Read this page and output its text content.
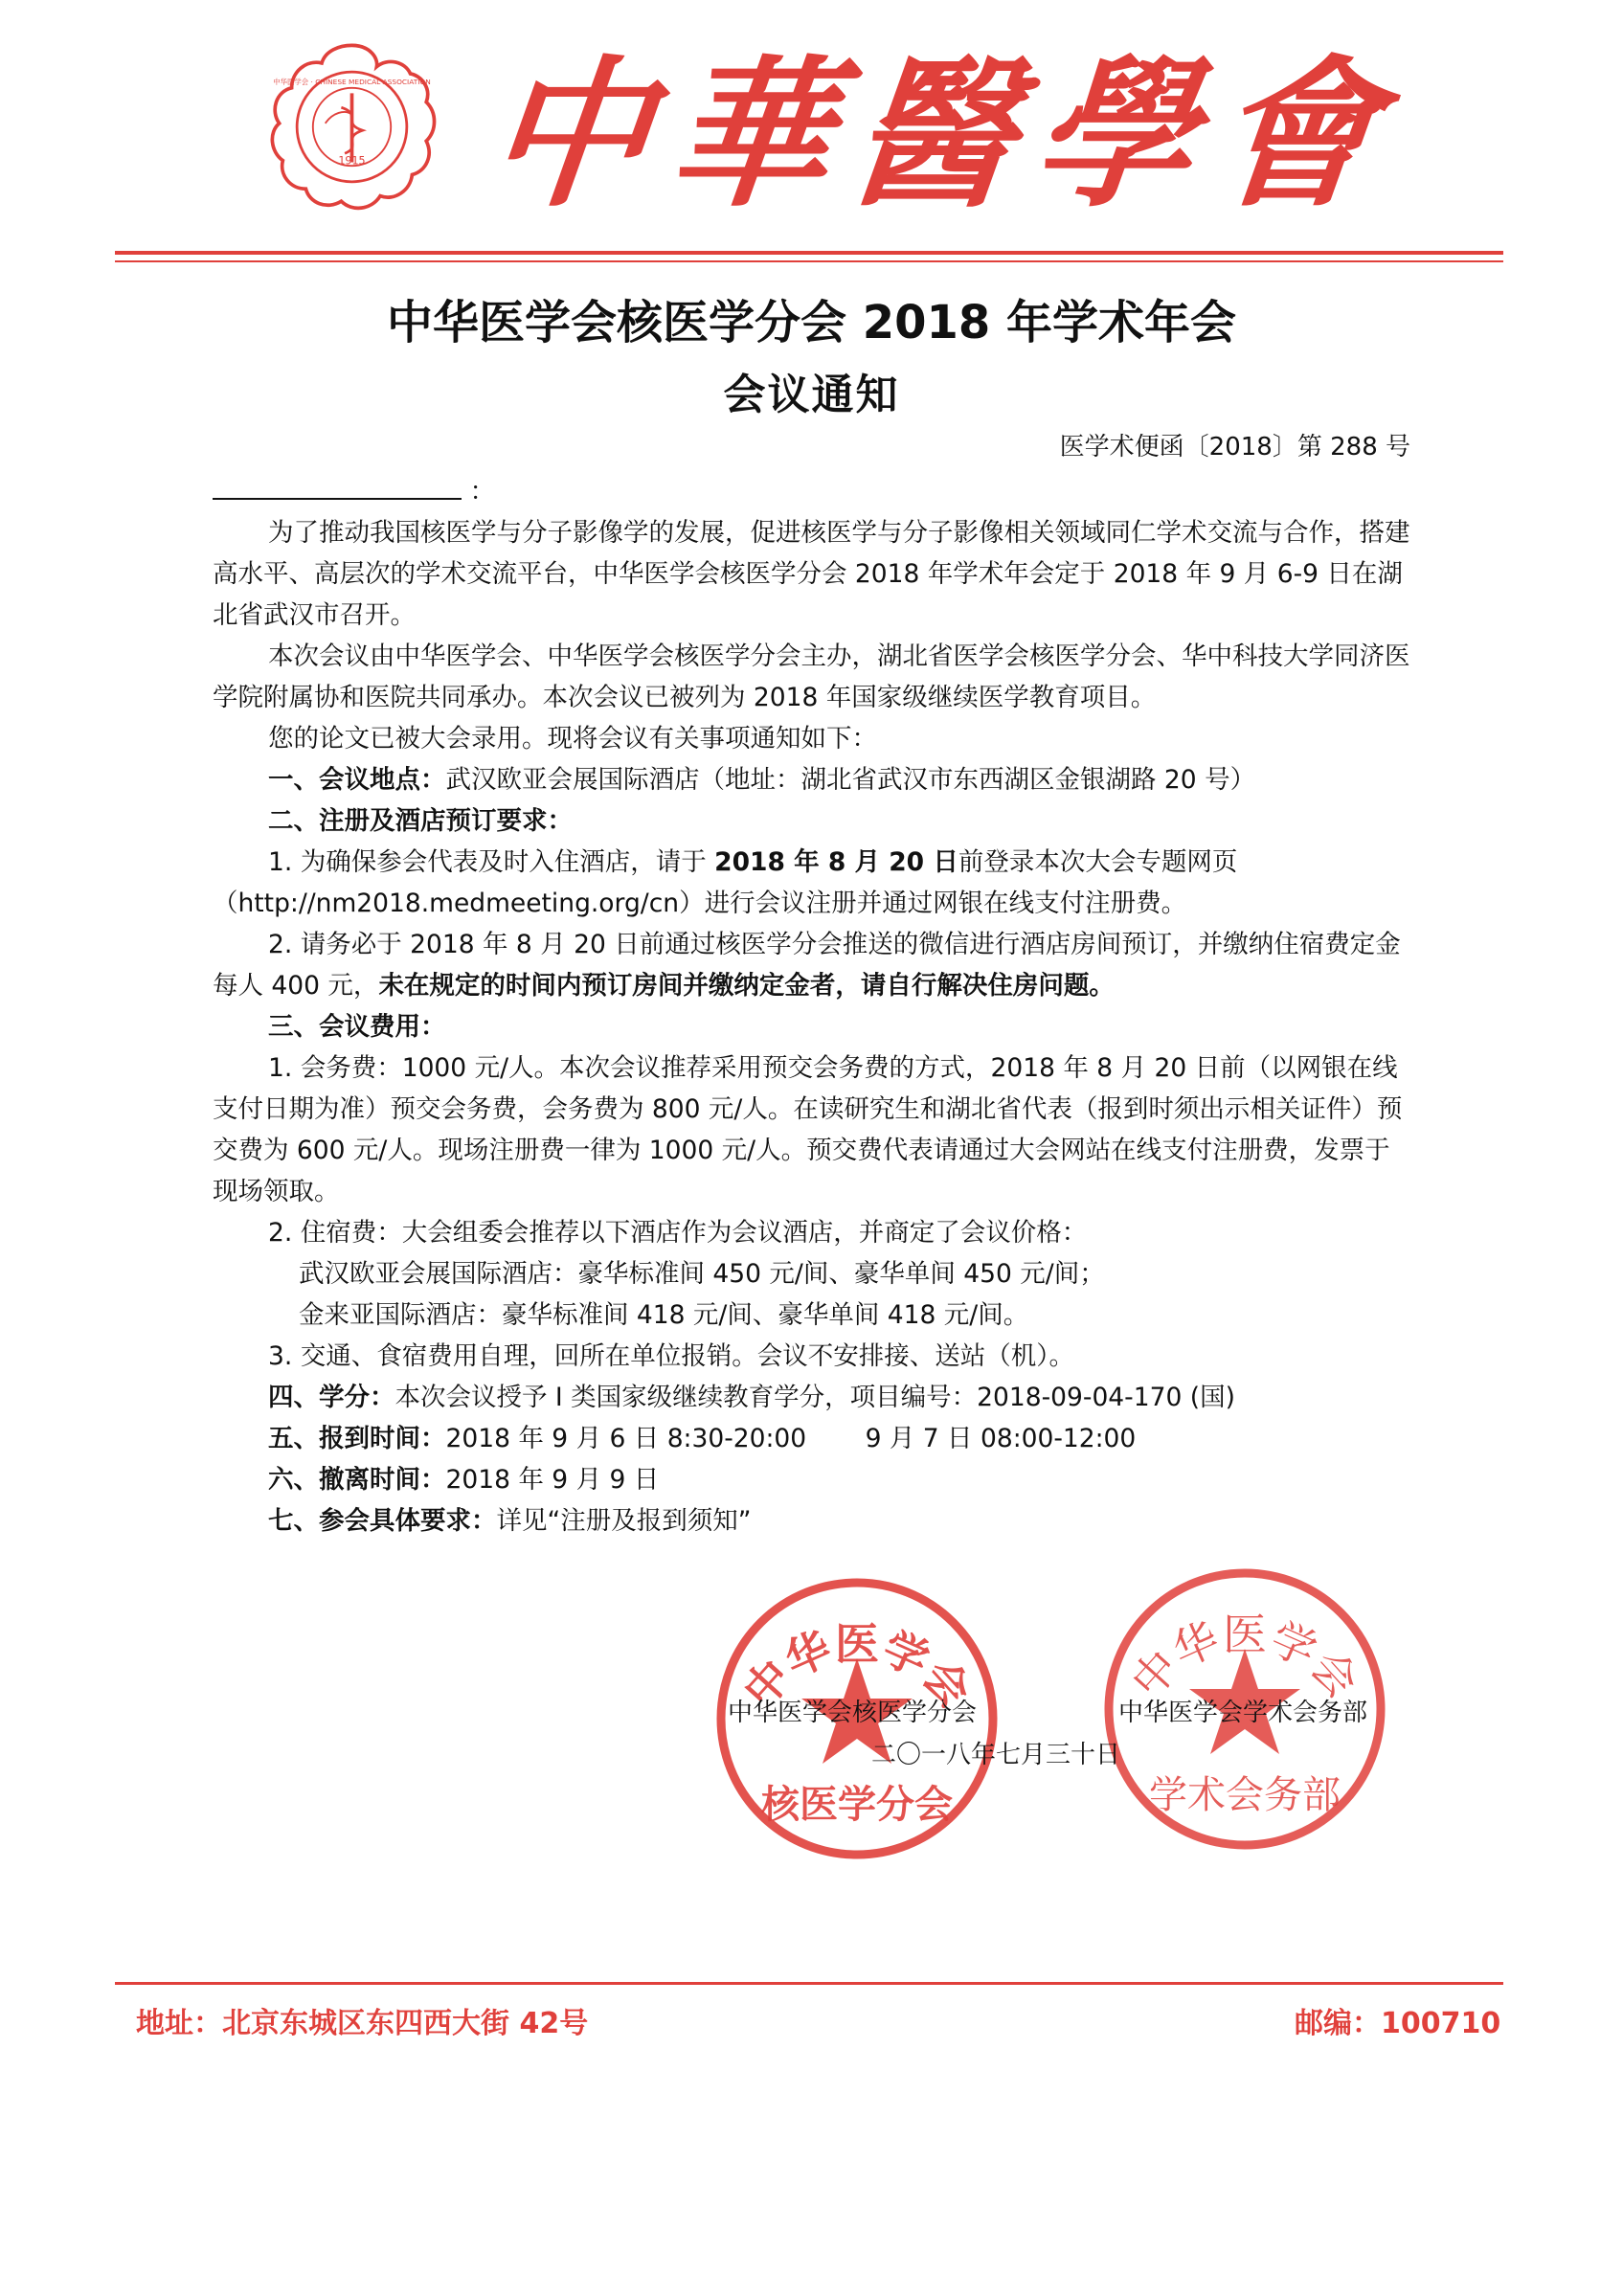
1915
中华医学会 · CHINESE MEDICAL ASSOCIATION 中華醫學會
中华医学会核医学分会 2018 年学术年会
会议通知
医学术便函〔2018〕第 288 号

：

为了推动我国核医学与分子影像学的发展，促进核医学与分子影像相关领域同仁学术交流与合作，搭建高水平、高层次的学术交流平台，中华医学会核医学分会 2018 年学术年会定于 2018 年 9 月 6-9 日在湖北省武汉市召开。

本次会议由中华医学会、中华医学会核医学分会主办，湖北省医学会核医学分会、华中科技大学同济医学院附属协和医院共同承办。本次会议已被列为 2018 年国家级继续医学教育项目。

您的论文已被大会录用。现将会议有关事项通知如下：

一、会议地点：武汉欧亚会展国际酒店（地址：湖北省武汉市东西湖区金银湖路 20 号）

二、注册及酒店预订要求：

1. 为确保参会代表及时入住酒店，请于 2018 年 8 月 20 日前登录本次大会专题网页（http://nm2018.medmeeting.org/cn）进行会议注册并通过网银在线支付注册费。

2. 请务必于 2018 年 8 月 20 日前通过核医学分会推送的微信进行酒店房间预订，并缴纳住宿费定金每人 400 元，未在规定的时间内预订房间并缴纳定金者，请自行解决住房问题。

三、会议费用：

1. 会务费：1000 元/人。本次会议推荐采用预交会务费的方式，2018 年 8 月 20 日前（以网银在线支付日期为准）预交会务费，会务费为 800 元/人。在读研究生和湖北省代表（报到时须出示相关证件）预交费为 600 元/人。现场注册费一律为 1000 元/人。预交费代表请通过大会网站在线支付注册费，发票于现场领取。

2. 住宿费：大会组委会推荐以下酒店作为会议酒店，并商定了会议价格：

武汉欧亚会展国际酒店：豪华标准间 450 元/间、豪华单间 450 元/间；

金来亚国际酒店：豪华标准间 418 元/间、豪华单间 418 元/间。

3. 交通、食宿费用自理，回所在单位报销。会议不安排接、送站（机）。

四、学分：本次会议授予 I 类国家级继续教育学分，项目编号：2018-09-04-170 (国)

五、报到时间：2018 年 9 月 6 日 8:30-20:00　　 9 月 7 日 08:00-12:00

六、撤离时间：2018 年 9 月 9 日

七、参会具体要求：详见“注册及报到须知”

中华医学会
核医学分会
中华医学会
学术会务部
中华医学会核医学分会	中华医学会学术会务部
二〇一八年七月三十日
地址：北京东城区东四西大街 42号	邮编：100710
